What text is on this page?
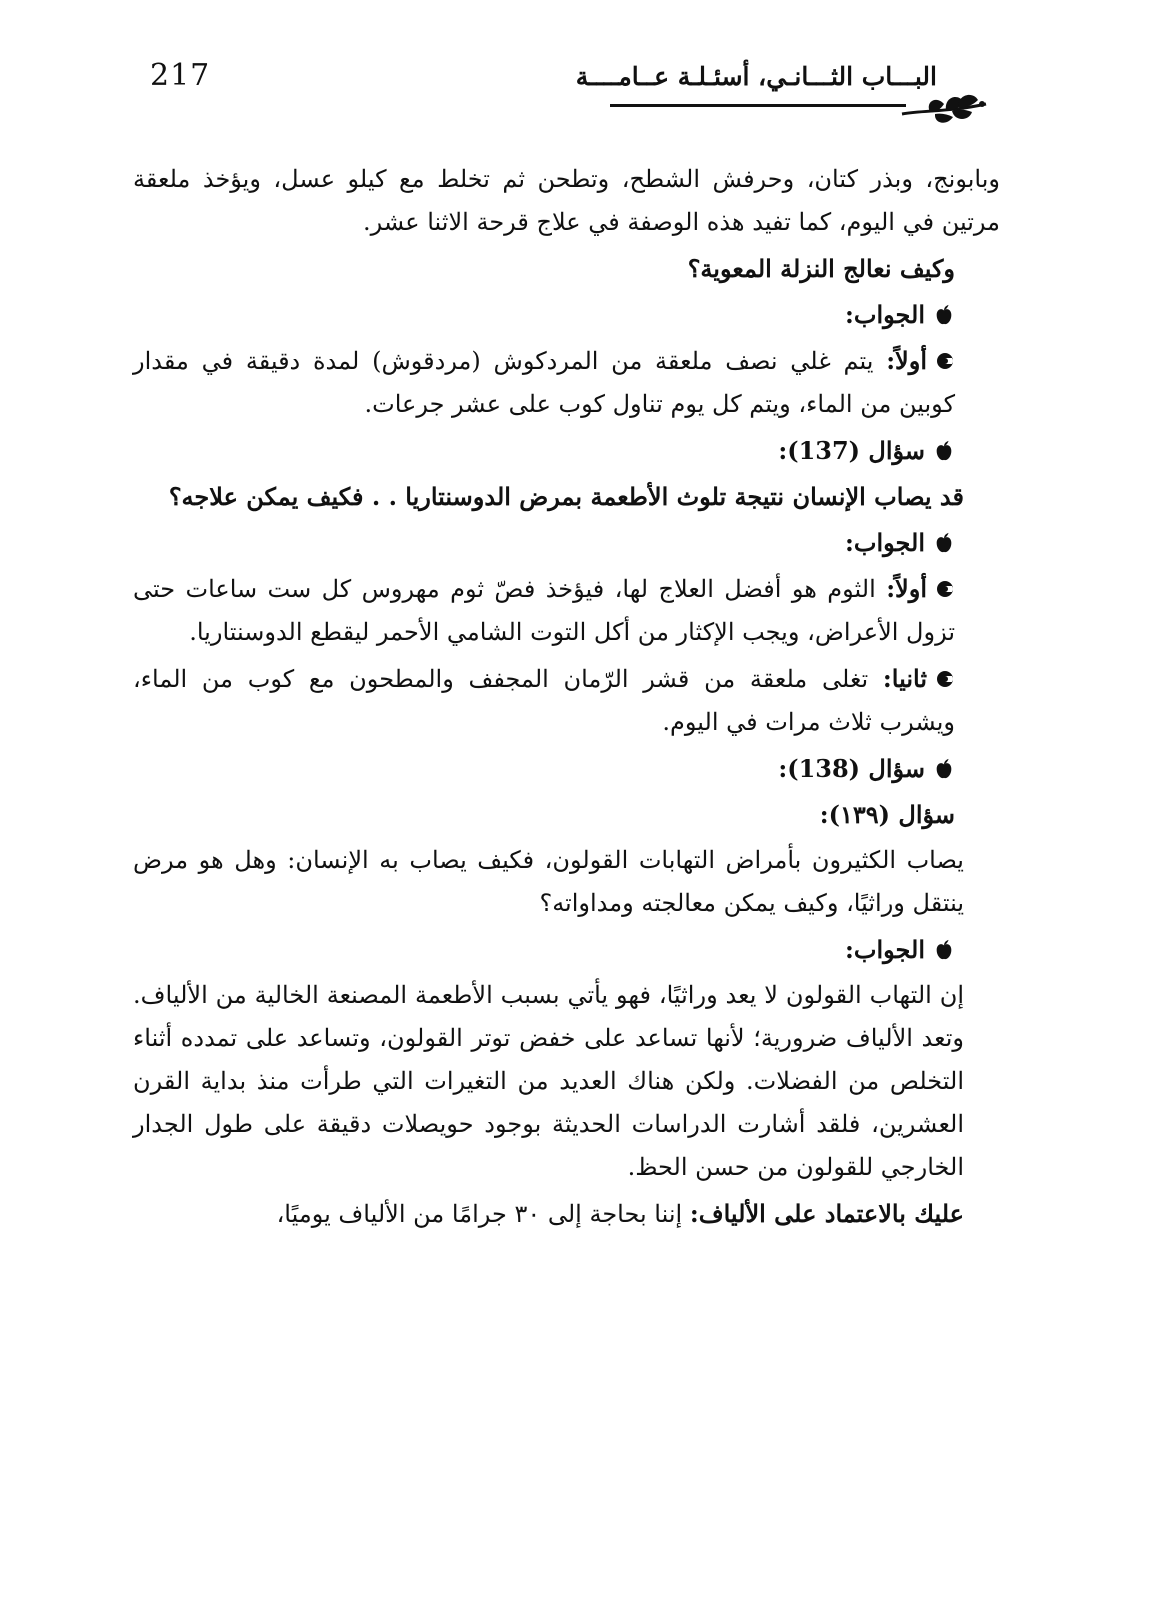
217	البـــاب الثـــانـي، أسئـلـة عــامــــة

وبابونج، وبذر كتان، وحرفش الشطح، وتطحن ثم تخلط مع كيلو عسل، ويؤخذ ملعقة مرتين في اليوم، كما تفيد هذه الوصفة في علاج قرحة الاثنا عشر.

وكيف نعالج النزلة المعوية؟

الجواب:

أولاً: يتم غلي نصف ملعقة من المردكوش (مردقوش) لمدة دقيقة في مقدار كوبين من الماء، ويتم كل يوم تناول كوب على عشر جرعات.

سؤال (137):

قد يصاب الإنسان نتيجة تلوث الأطعمة بمرض الدوسنتاريا . . فكيف يمكن علاجه؟

الجواب:

أولاً: الثوم هو أفضل العلاج لها، فيؤخذ فصّ ثوم مهروس كل ست ساعات حتى تزول الأعراض، ويجب الإكثار من أكل التوت الشامي الأحمر ليقطع الدوسنتاريا.

ثانيا: تغلى ملعقة من قشر الرّمان المجفف والمطحون مع كوب من الماء، ويشرب ثلاث مرات في اليوم.

سؤال (138):

سؤال (١٣٩):

يصاب الكثيرون بأمراض التهابات القولون، فكيف يصاب به الإنسان: وهل هو مرض ينتقل وراثيًا، وكيف يمكن معالجته ومداواته؟

الجواب:

إن التهاب القولون لا يعد وراثيًا، فهو يأتي بسبب الأطعمة المصنعة الخالية من الألياف. وتعد الألياف ضرورية؛ لأنها تساعد على خفض توتر القولون، وتساعد على تمدده أثناء التخلص من الفضلات. ولكن هناك العديد من التغيرات التي طرأت منذ بداية القرن العشرين، فلقد أشارت الدراسات الحديثة بوجود حويصلات دقيقة على طول الجدار الخارجي للقولون من حسن الحظ.

عليك بالاعتماد على الألياف: إننا بحاجة إلى ٣٠ جرامًا من الألياف يوميًا،
